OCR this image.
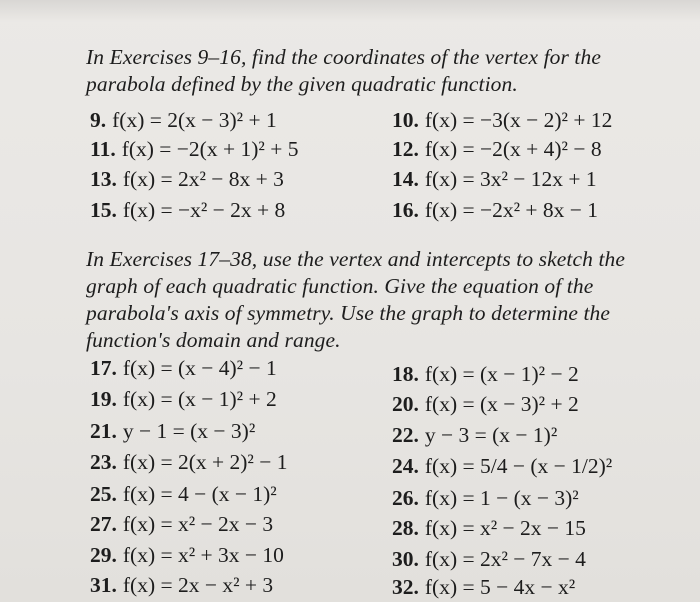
In Exercises 9–16, find the coordinates of the vertex for the parabola defined by the given quadratic function.
9. f(x) = 2(x − 3)² + 1	10. f(x) = −3(x − 2)² + 12
11. f(x) = −2(x + 1)² + 5	12. f(x) = −2(x + 4)² − 8
13. f(x) = 2x² − 8x + 3	14. f(x) = 3x² − 12x + 1
15. f(x) = −x² − 2x + 8	16. f(x) = −2x² + 8x − 1
In Exercises 17–38, use the vertex and intercepts to sketch the graph of each quadratic function. Give the equation of the parabola's axis of symmetry. Use the graph to determine the function's domain and range.
17. f(x) = (x − 4)² − 1	18. f(x) = (x − 1)² − 2
19. f(x) = (x − 1)² + 2	20. f(x) = (x − 3)² + 2
21. y − 1 = (x − 3)²	22. y − 3 = (x − 1)²
23. f(x) = 2(x + 2)² − 1	24. f(x) = 5/4 − (x − 1/2)²
25. f(x) = 4 − (x − 1)²	26. f(x) = 1 − (x − 3)²
27. f(x) = x² − 2x − 3	28. f(x) = x² − 2x − 15
29. f(x) = x² + 3x − 10	30. f(x) = 2x² − 7x − 4
31. f(x) = 2x − x² + 3	32. f(x) = 5 − 4x − x²
